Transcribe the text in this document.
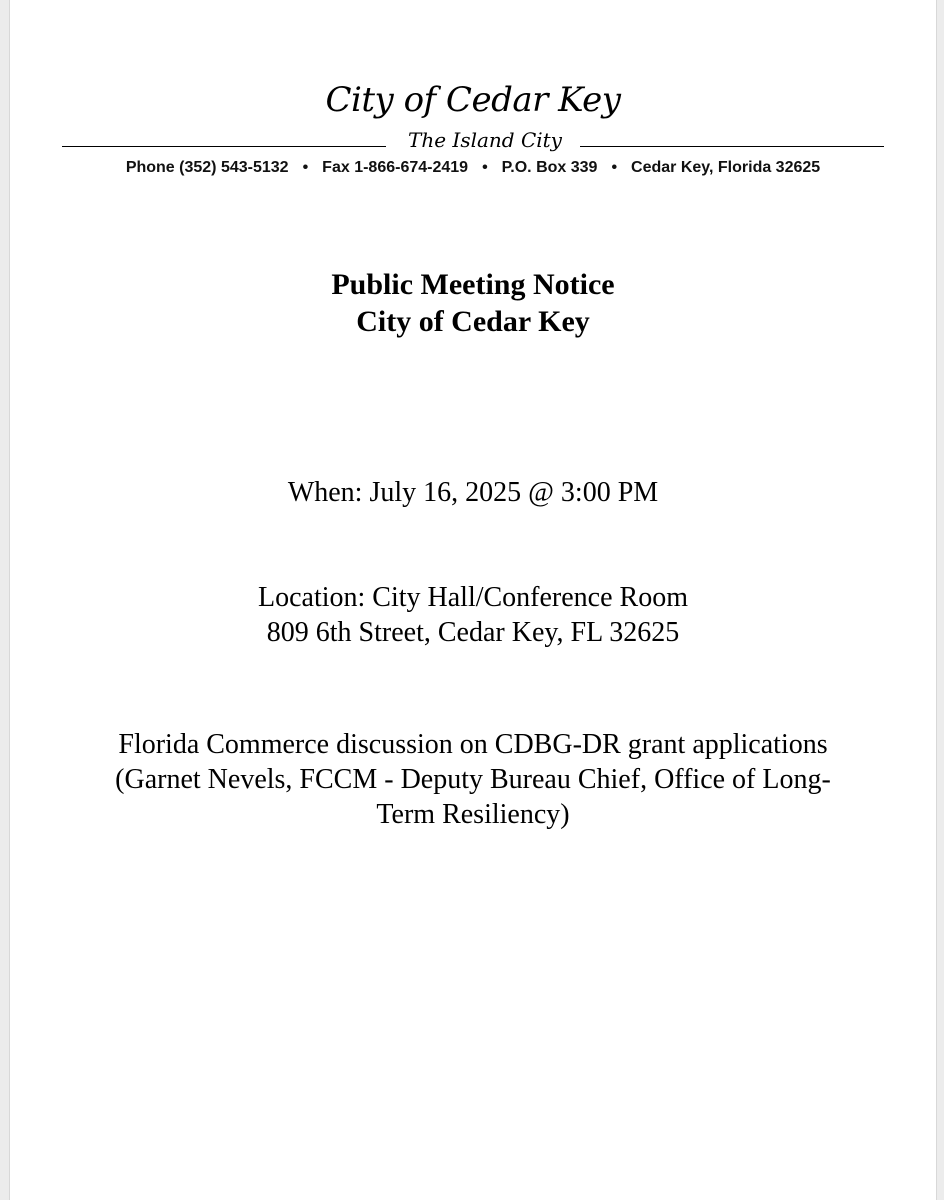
City of Cedar Key
The Island City
Phone (352) 543-5132 • Fax 1-866-674-2419 • P.O. Box 339 • Cedar Key, Florida 32625
Public Meeting Notice
City of Cedar Key
When: July 16, 2025 @ 3:00 PM
Location: City Hall/Conference Room
809 6th Street, Cedar Key, FL 32625
Florida Commerce discussion on CDBG-DR grant applications
(Garnet Nevels, FCCM - Deputy Bureau Chief, Office of Long-
Term Resiliency)
